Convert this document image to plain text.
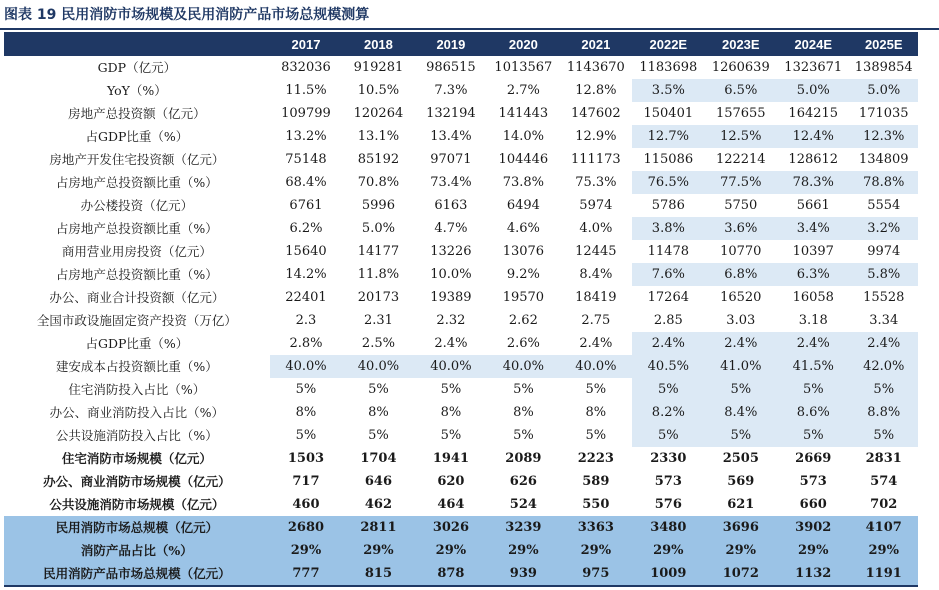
图表 19 民用消防市场规模及民用消防产品市场总规模测算
	2017	2018	2019	2020	2021	2022E	2023E	2024E	2025E
GDP（亿元）	832036	919281	986515	1013567	1143670	1183698	1260639	1323671	1389854
YoY（%）	11.5%	10.5%	7.3%	2.7%	12.8%	3.5%	6.5%	5.0%	5.0%
房地产总投资额（亿元）	109799	120264	132194	141443	147602	150401	157655	164215	171035
占GDP比重（%）	13.2%	13.1%	13.4%	14.0%	12.9%	12.7%	12.5%	12.4%	12.3%
房地产开发住宅投资额（亿元）	75148	85192	97071	104446	111173	115086	122214	128612	134809
占房地产总投资额比重（%）	68.4%	70.8%	73.4%	73.8%	75.3%	76.5%	77.5%	78.3%	78.8%
办公楼投资（亿元）	6761	5996	6163	6494	5974	5786	5750	5661	5554
占房地产总投资额比重（%）	6.2%	5.0%	4.7%	4.6%	4.0%	3.8%	3.6%	3.4%	3.2%
商用营业用房投资（亿元）	15640	14177	13226	13076	12445	11478	10770	10397	9974
占房地产总投资额比重（%）	14.2%	11.8%	10.0%	9.2%	8.4%	7.6%	6.8%	6.3%	5.8%
办公、商业合计投资额（亿元）	22401	20173	19389	19570	18419	17264	16520	16058	15528
全国市政设施固定资产投资（万亿）	2.3	2.31	2.32	2.62	2.75	2.85	3.03	3.18	3.34
占GDP比重（%）	2.8%	2.5%	2.4%	2.6%	2.4%	2.4%	2.4%	2.4%	2.4%
建安成本占投资额比重（%）	40.0%	40.0%	40.0%	40.0%	40.0%	40.5%	41.0%	41.5%	42.0%
住宅消防投入占比（%）	5%	5%	5%	5%	5%	5%	5%	5%	5%
办公、商业消防投入占比（%）	8%	8%	8%	8%	8%	8.2%	8.4%	8.6%	8.8%
公共设施消防投入占比（%）	5%	5%	5%	5%	5%	5%	5%	5%	5%
住宅消防市场规模（亿元）	1503	1704	1941	2089	2223	2330	2505	2669	2831
办公、商业消防市场规模（亿元）	717	646	620	626	589	573	569	573	574
公共设施消防市场规模（亿元）	460	462	464	524	550	576	621	660	702
民用消防市场总规模（亿元）	2680	2811	3026	3239	3363	3480	3696	3902	4107
消防产品占比（%）	29%	29%	29%	29%	29%	29%	29%	29%	29%
民用消防产品市场总规模（亿元）	777	815	878	939	975	1009	1072	1132	1191
